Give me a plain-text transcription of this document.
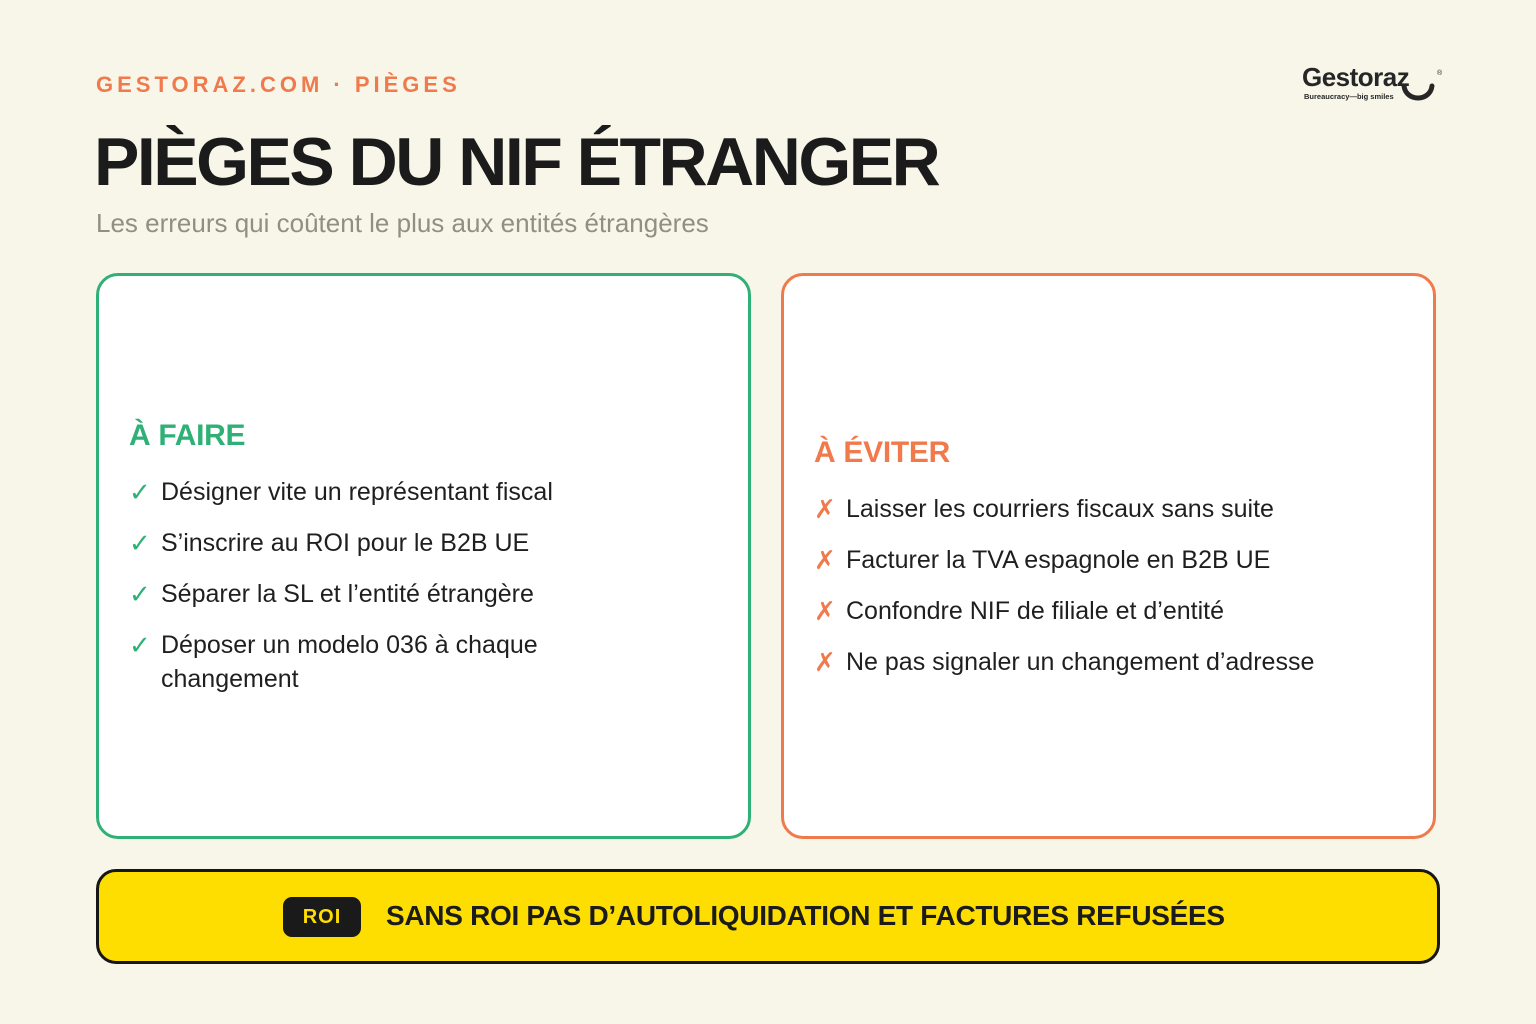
GESTORAZ.COM · PIÈGES	Gestoraz	®
Bureaucracy—big smiles
PIÈGES DU NIF ÉTRANGER
Les erreurs qui coûtent le plus aux entités étrangères
À FAIRE
✓ Désigner vite un représentant fiscal
✓ S’inscrire au ROI pour le B2B UE
✓ Séparer la SL et l’entité étrangère
✓ Déposer un modelo 036 à chaque changement
À ÉVITER
✗ Laisser les courriers fiscaux sans suite
✗ Facturer la TVA espagnole en B2B UE
✗ Confondre NIF de filiale et d’entité
✗ Ne pas signaler un changement d’adresse
ROI	SANS ROI PAS D’AUTOLIQUIDATION ET FACTURES REFUSÉES
